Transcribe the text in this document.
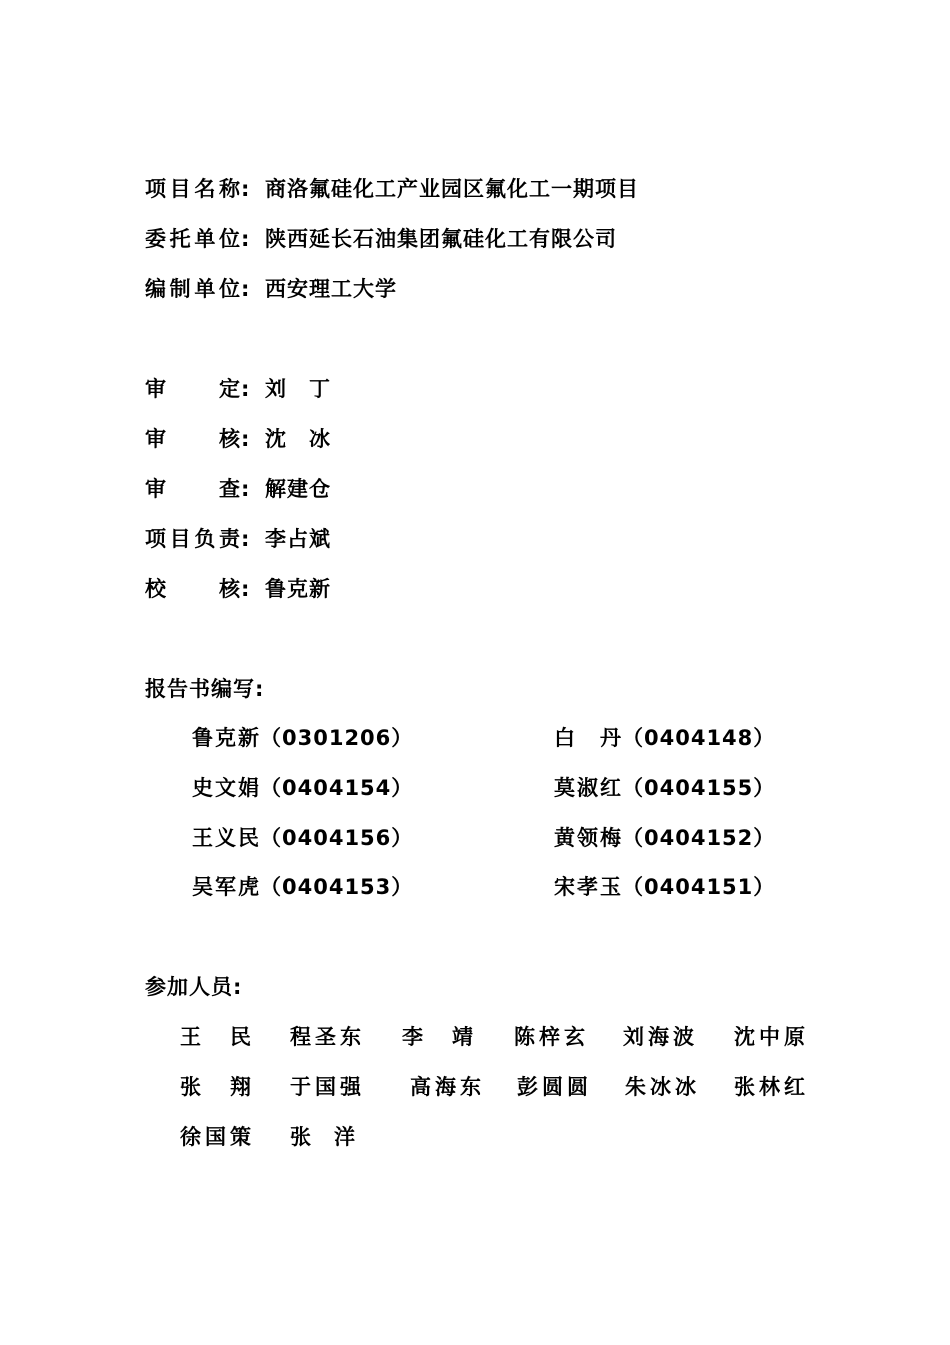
项目名称: 商洛氟硅化工产业园区氟化工一期项目
委托单位: 陕西延长石油集团氟硅化工有限公司
编制单位: 西安理工大学
审定: 刘　丁
审核: 沈　冰
审查: 解建仓
项目负责: 李占斌
校核: 鲁克新
报告书编写:
鲁克新（0301206）
史文娟（0404154）
王义民（0404156）
吴军虎（0404153）
白丹（0404148）
莫淑红（0404155）
黄领梅（0404152）
宋孝玉（0404151）
参加人员:
王民 程圣东 李靖 陈梓玄 刘海波 沈中原
张翔 于国强 高海东 彭圆圆 朱冰冰 张林红
徐国策 张洋
